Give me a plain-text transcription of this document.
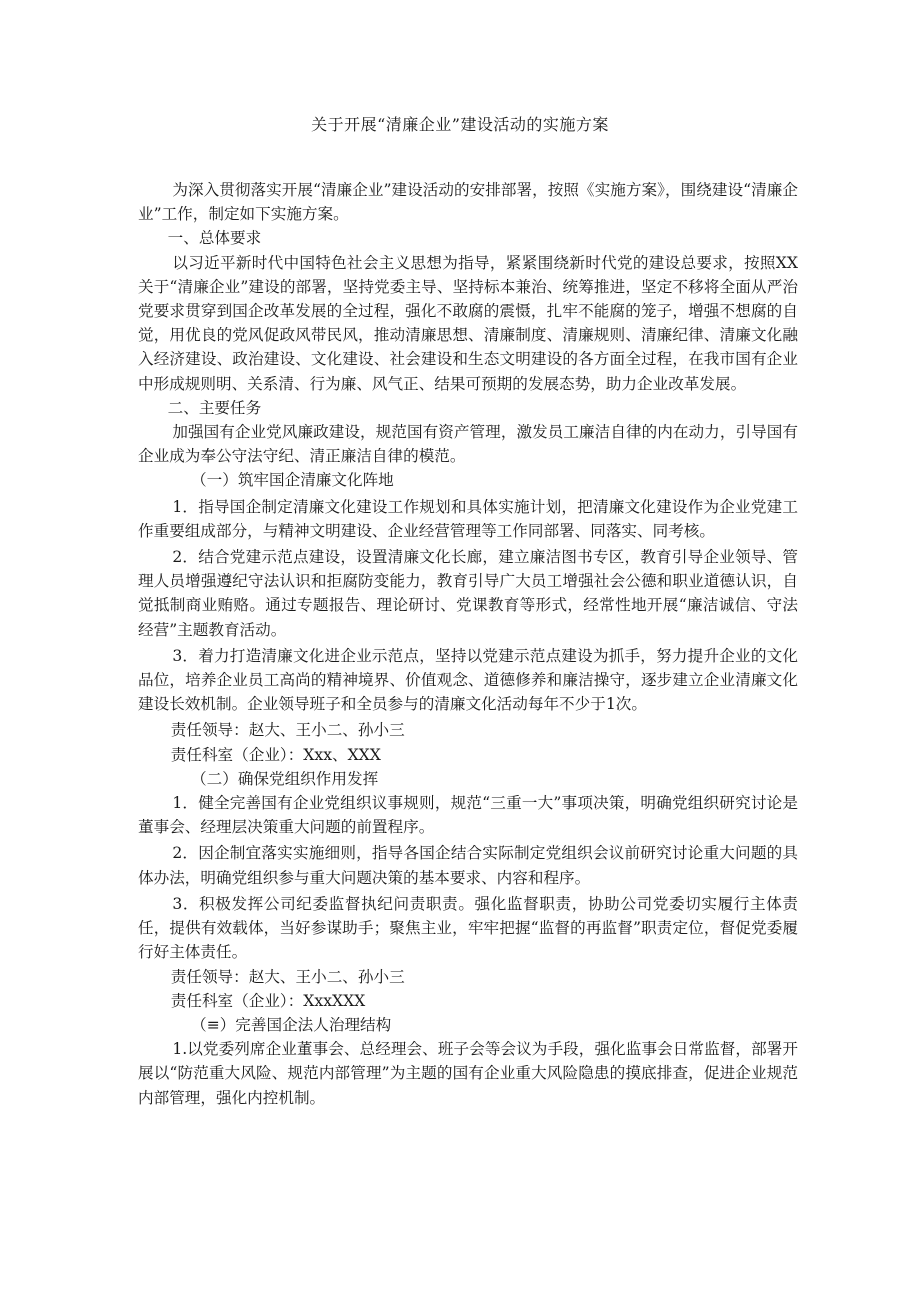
关于开展“清廉企业”建设活动的实施方案

为深入贯彻落实开展“清廉企业”建设活动的安排部署，按照《实施方案》，围绕建设“清廉企业”工作，制定如下实施方案。

一、总体要求

以习近平新时代中国特色社会主义思想为指导，紧紧围绕新时代党的建设总要求，按照XX关于“清廉企业”建设的部署，坚持党委主导、坚持标本兼治、统筹推进，坚定不移将全面从严治党要求贯穿到国企改革发展的全过程，强化不敢腐的震慑，扎牢不能腐的笼子，增强不想腐的自觉，用优良的党风促政风带民风，推动清廉思想、清廉制度、清廉规则、清廉纪律、清廉文化融入经济建设、政治建设、文化建设、社会建设和生态文明建设的各方面全过程，在我市国有企业中形成规则明、关系清、行为廉、风气正、结果可预期的发展态势，助力企业改革发展。

二、主要任务

加强国有企业党风廉政建设，规范国有资产管理，激发员工廉洁自律的内在动力，引导国有企业成为奉公守法守纪、清正廉洁自律的模范。

（一）筑牢国企清廉文化阵地

1．指导国企制定清廉文化建设工作规划和具体实施计划，把清廉文化建设作为企业党建工作重要组成部分，与精神文明建设、企业经营管理等工作同部署、同落实、同考核。

2．结合党建示范点建设，设置清廉文化长廊，建立廉洁图书专区，教育引导企业领导、管理人员增强遵纪守法认识和拒腐防变能力，教育引导广大员工增强社会公德和职业道德认识，自觉抵制商业贿赂。通过专题报告、理论研讨、党课教育等形式，经常性地开展“廉洁诚信、守法经营”主题教育活动。

3．着力打造清廉文化进企业示范点，坚持以党建示范点建设为抓手，努力提升企业的文化品位，培养企业员工高尚的精神境界、价值观念、道德修养和廉洁操守，逐步建立企业清廉文化建设长效机制。企业领导班子和全员参与的清廉文化活动每年不少于1次。

责任领导：赵大、王小二、孙小三

责任科室（企业）：Xxx、XXX

（二）确保党组织作用发挥

1．健全完善国有企业党组织议事规则，规范“三重一大”事项决策，明确党组织研究讨论是董事会、经理层决策重大问题的前置程序。

2．因企制宜落实实施细则，指导各国企结合实际制定党组织会议前研究讨论重大问题的具体办法，明确党组织参与重大问题决策的基本要求、内容和程序。

3．积极发挥公司纪委监督执纪问责职责。强化监督职责，协助公司党委切实履行主体责任，提供有效载体，当好参谋助手；聚焦主业，牢牢把握“监督的再监督”职责定位，督促党委履行好主体责任。

责任领导：赵大、王小二、孙小三

责任科室（企业）：XxxXXX

（≡）完善国企法人治理结构

1.以党委列席企业董事会、总经理会、班子会等会议为手段，强化监事会日常监督，部署开展以“防范重大风险、规范内部管理”为主题的国有企业重大风险隐患的摸底排查，促进企业规范内部管理，强化内控机制。
